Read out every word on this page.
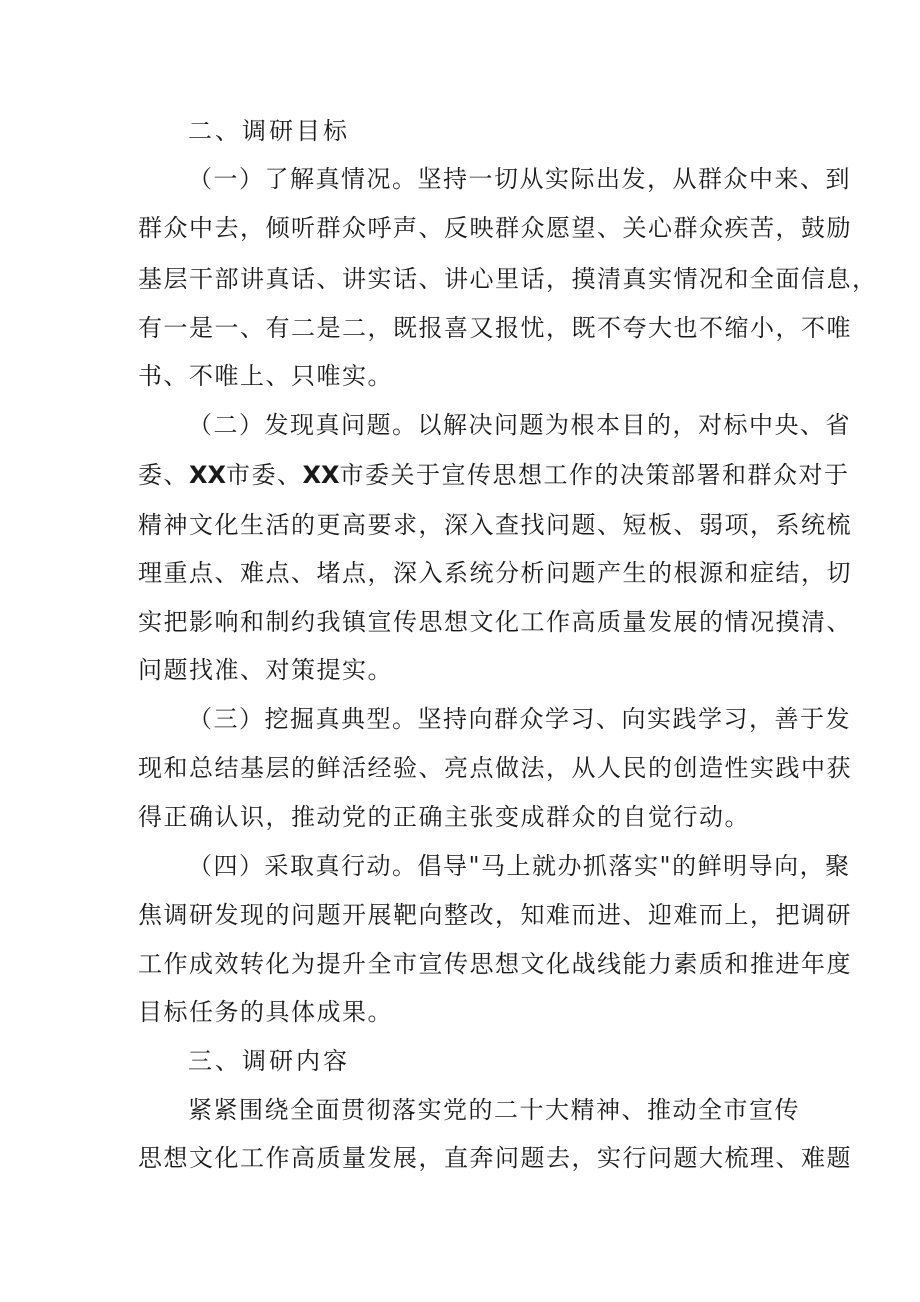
二、调研目标
（一）了解真情况。坚持一切从实际出发，从群众中来、到
群众中去，倾听群众呼声、反映群众愿望、关心群众疾苦，鼓励
基层干部讲真话、讲实话、讲心里话，摸清真实情况和全面信息，
有一是一、有二是二，既报喜又报忧，既不夸大也不缩小，不唯
书、不唯上、只唯实。
（二）发现真问题。以解决问题为根本目的，对标中央、省
委、XX市委、XX市委关于宣传思想工作的决策部署和群众对于
精神文化生活的更高要求，深入查找问题、短板、弱项，系统梳
理重点、难点、堵点，深入系统分析问题产生的根源和症结，切
实把影响和制约我镇宣传思想文化工作高质量发展的情况摸清、
问题找准、对策提实。
（三）挖掘真典型。坚持向群众学习、向实践学习，善于发
现和总结基层的鲜活经验、亮点做法，从人民的创造性实践中获
得正确认识，推动党的正确主张变成群众的自觉行动。
（四）采取真行动。倡导"马上就办抓落实"的鲜明导向，聚
焦调研发现的问题开展靶向整改，知难而进、迎难而上，把调研
工作成效转化为提升全市宣传思想文化战线能力素质和推进年度
目标任务的具体成果。
三、调研内容
紧紧围绕全面贯彻落实党的二十大精神、推动全市宣传
思想文化工作高质量发展，直奔问题去，实行问题大梳理、难题
